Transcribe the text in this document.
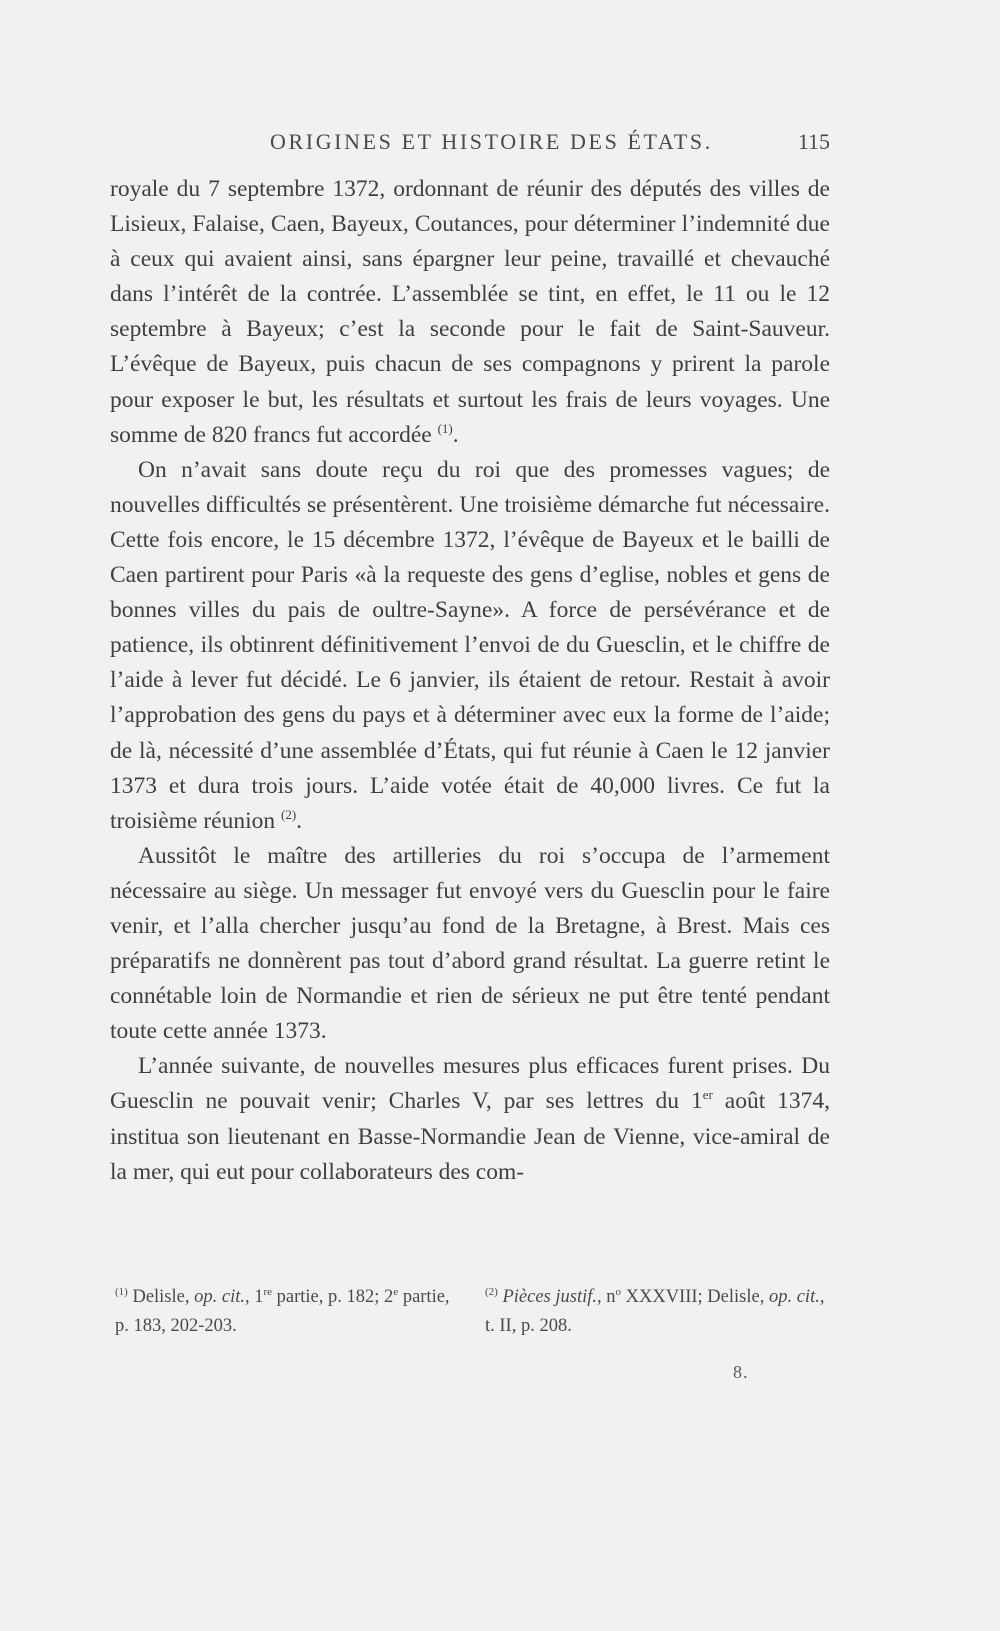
ORIGINES ET HISTOIRE DES ÉTATS.	115

royale du 7 septembre 1372, ordonnant de réunir des députés des villes de Lisieux, Falaise, Caen, Bayeux, Coutances, pour déterminer l’indemnité due à ceux qui avaient ainsi, sans épargner leur peine, travaillé et chevauché dans l’intérêt de la contrée. L’assemblée se tint, en effet, le 11 ou le 12 septembre à Bayeux; c’est la seconde pour le fait de Saint-Sauveur. L’évêque de Bayeux, puis chacun de ses compagnons y prirent la parole pour exposer le but, les résultats et surtout les frais de leurs voyages. Une somme de 820 francs fut accordée $^{(1)}$.

On n’avait sans doute reçu du roi que des promesses vagues; de nouvelles difficultés se présentèrent. Une troisième démarche fut nécessaire. Cette fois encore, le 15 décembre 1372, l’évêque de Bayeux et le bailli de Caen partirent pour Paris «à la requeste des gens d’eglise, nobles et gens de bonnes villes du pais de oultre-Sayne». A force de persévérance et de patience, ils obtinrent définitivement l’envoi de du Guesclin, et le chiffre de l’aide à lever fut décidé. Le 6 janvier, ils étaient de retour. Restait à avoir l’approbation des gens du pays et à déterminer avec eux la forme de l’aide; de là, nécessité d’une assemblée d’États, qui fut réunie à Caen le 12 janvier 1373 et dura trois jours. L’aide votée était de 40,000 livres. Ce fut la troisième réunion $^{(2)}$.

Aussitôt le maître des artilleries du roi s’occupa de l’armement nécessaire au siège. Un messager fut envoyé vers du Guesclin pour le faire venir, et l’alla chercher jusqu’au fond de la Bretagne, à Brest. Mais ces préparatifs ne donnèrent pas tout d’abord grand résultat. La guerre retint le connétable loin de Normandie et rien de sérieux ne put être tenté pendant toute cette année 1373.

L’année suivante, de nouvelles mesures plus efficaces furent prises. Du Guesclin ne pouvait venir; Charles V, par ses lettres du 1er août 1374, institua son lieutenant en Basse-Normandie Jean de Vienne, vice-amiral de la mer, qui eut pour collaborateurs des com-

$^{(1)}$ Delisle, op. cit., 1re partie, p. 182; 2e partie, p. 183, 202-203.
$^{(2)}$ Pièces justif., $n^o$ XXXVIII; Delisle, op. cit., t. II, p. 208.
8.
